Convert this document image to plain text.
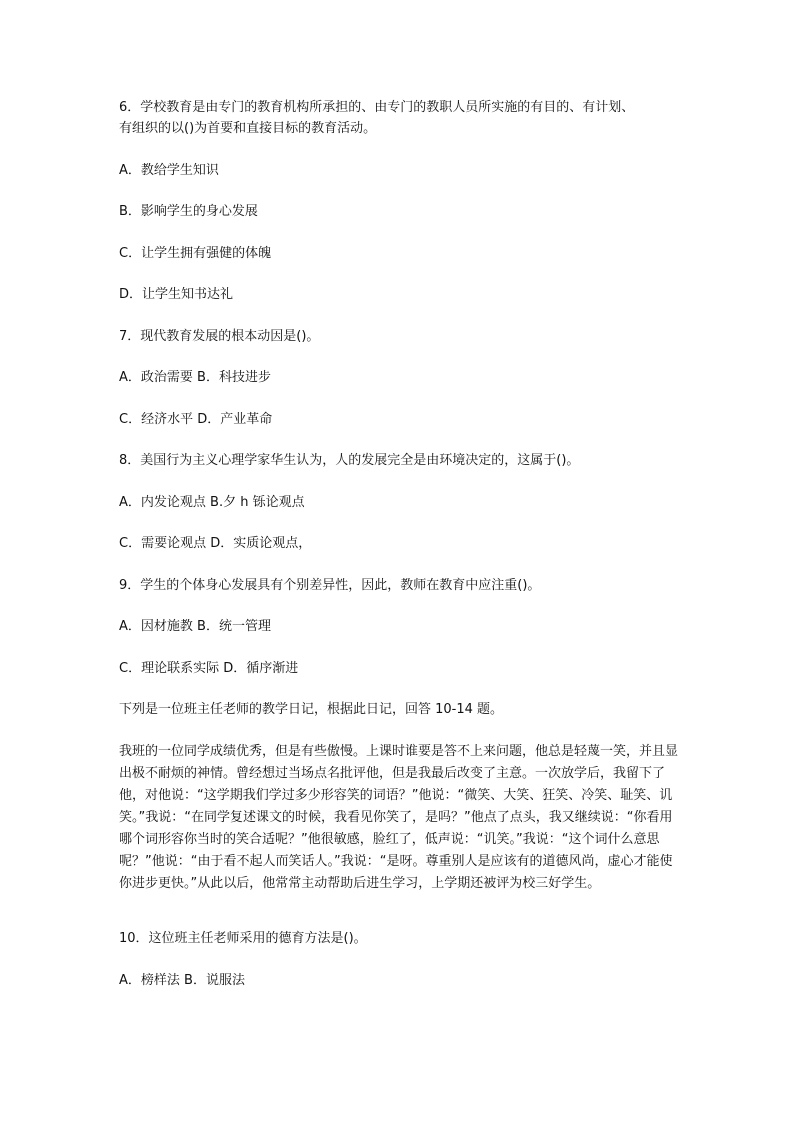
6．学校教育是由专门的教育机构所承担的、由专门的教职人员所实施的有目的、有计划、

有组织的以()为首要和直接目标的教育活动。

A．教给学生知识

B．影响学生的身心发展

C．让学生拥有强健的体魄

D．让学生知书达礼

7．现代教育发展的根本动因是()。

A．政治需要 B．科技进步

C．经济水平 D．产业革命

8．美国行为主义心理学家华生认为，人的发展完全是由环境决定的，这属于()。

A．内发论观点 B.夕 h 铄论观点

C．需要论观点 D．实质论观点，

9．学生的个体身心发展具有个别差异性，因此，教师在教育中应注重()。

A．因材施教 B．统一管理

C．理论联系实际 D．循序渐进

下列是一位班主任老师的教学日记，根据此日记，回答 10-14 题。

我班的一位同学成绩优秀，但是有些傲慢。上课时谁要是答不上来问题，他总是轻蔑一笑，并且显出极不耐烦的神情。曾经想过当场点名批评他，但是我最后改变了主意。一次放学后，我留下了他，对他说：“这学期我们学过多少形容笑的词语？”他说：“微笑、大笑、狂笑、冷笑、耻笑、讥笑。”我说：“在同学复述课文的时候，我看见你笑了，是吗？”他点了点头，我又继续说：“你看用哪个词形容你当时的笑合适呢？”他很敏感，脸红了，低声说：“讥笑。”我说：“这个词什么意思呢？”他说：“由于看不起人而笑话人。”我说：“是呀。尊重别人是应该有的道德风尚，虚心才能使你进步更快。”从此以后，他常常主动帮助后进生学习，上学期还被评为校三好学生。

10．这位班主任老师采用的德育方法是()。

A．榜样法 B．说服法
